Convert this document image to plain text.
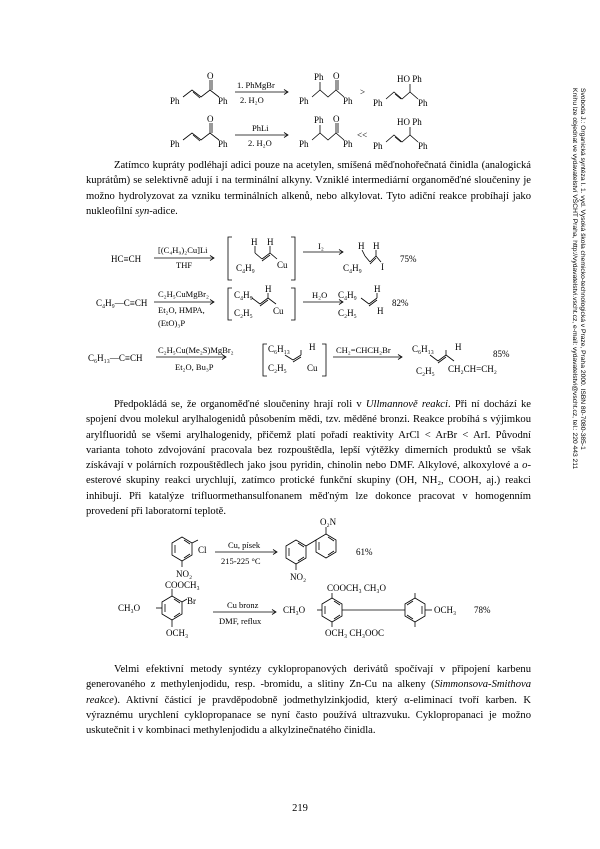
Svoboda J.: Organická syntéza I. 1. vyd. Vysoká škola chemicko-technologická v Praze, Praha 2000. ISBN 80-7080-385-1
Knihu lze objednat ve vydavatelství VŠCHT Praha, http://vydavatelstvi.vscht.cz, e-mail: vydavatelstvi@vscht.cz, tel.: 220 443 211
Ph
O
Ph
1. PhMgBr
2. H₂O	Ph
Ph O
Ph
>
Ph
HO Ph
Ph
Ph
O
Ph
PhLi
2. H₂O	Ph
Ph O
Ph
<<
Ph
HO Ph
Ph

Zatímco kupráty podléhají adici pouze na acetylen, smíšená měďnohořečnatá činidla (analogická kuprátům) se selektivně adují i na terminální alkyny. Vzniklé intermediární organoměďné sloučeniny je možno hydrolyzovat za vzniku terminálních alkenů, nebo alkylovat. Tyto adiční reakce probíhají jako nukleofilní syn-adice.

HC≡CH
[(C₄H₉)₂Cu]Li
THF
H H
C₄H₉ Cu
I₂	H H
C₄H₉ I
75%
C₄H₉—C≡CH
C₂H₅CuMgBr₂
Et₂O, HMPA,
(EtO)₃P
C₄H₉
H
C₂H₅ Cu
H₂O C₄H₉
H
C₂H₅ H
82%
C₆H₁₃—C≡CH
C₂H₅Cu(Me₂S)MgBr₂
Et₂O, Bu₃P
C₆H₁₃ H
C₂H₅ Cu
CH₂=CHCH₂Br C₆H₁₃ H
C₂H₅ CH₂CH=CH₂
85%

Předpokládá se, že organoměďné sloučeniny hrají roli v Ullmannově reakci. Při ní dochází ke spojení dvou molekul arylhalogenidů působením mědi, tzv. měděné bronzi. Reakce probíhá s výjimkou arylfluoridů se všemi arylhalogenidy, přičemž platí pořadí reaktivity ArCl < ArBr < ArI. Původní varianta tohoto zdvojování pracovala bez rozpouštědla, lepší výtěžky dimerních produktů se však získávají v polárních rozpouštědlech jako jsou pyridin, chinolin nebo DMF. Alkylové, alkoxylové a o-esterové skupiny reakci urychlují, zatímco protické funkční skupiny (OH, NH₂, COOH, aj.) reakci inhibují. Při katalýze trifluormethansulfonanem měďným lze dokonce pracovat v homogenním provedení při laboratorní teplotě.

Cl
NO₂
Cu, písek
215-225 °C
O₂N
NO₂
61%
COOCH₃
CH₃O
Br
OCH₃
Cu bronz
DMF, reflux
COOCH₃ CH₃O
CH₃O	OCH₃
OCH₃ CH₃OOC
78%

Velmi efektivní metody syntézy cyklopropanových derivátů spočívají v připojení karbenu generovaného z methylenjodidu, resp. -bromidu, a slitiny Zn-Cu na alkeny (Simmonsova-Smithova reakce). Aktivní částicí je pravděpodobně jodmethylzinkjodid, který α-eliminací tvoří karben. K výraznému urychlení cyklopropanace se nyní často používá ultrazvuku. Cyklopropanaci je možno uskutečnit i v kombinaci methylenjodidu a alkylzinečnatého činidla.

219
